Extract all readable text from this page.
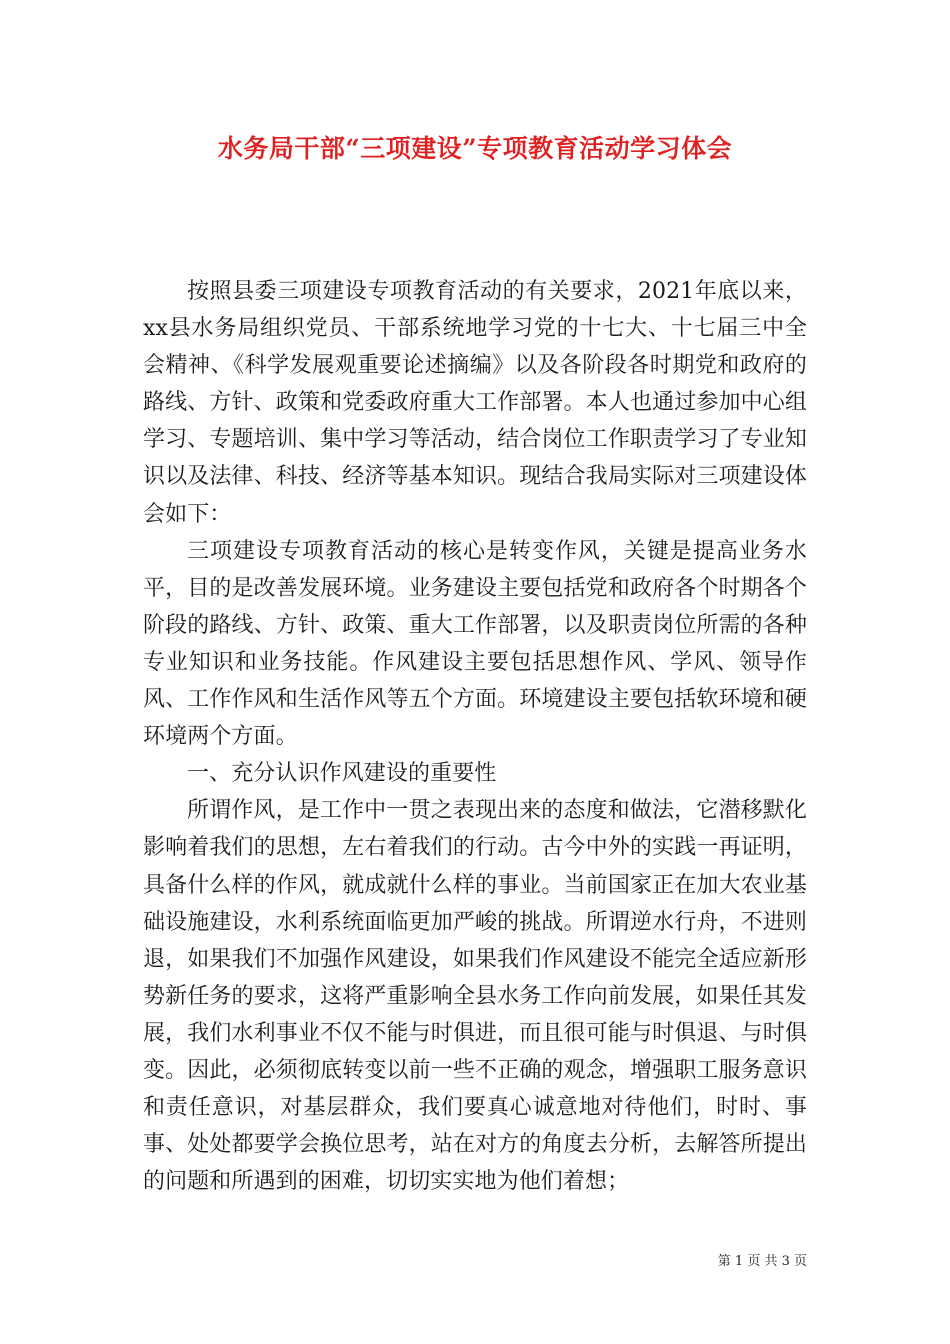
水务局干部“三项建设”专项教育活动学习体会

按照县委三项建设专项教育活动的有关要求，2021年底以来，xx县水务局组织党员、干部系统地学习党的十七大、十七届三中全会精神、《科学发展观重要论述摘编》以及各阶段各时期党和政府的路线、方针、政策和党委政府重大工作部署。本人也通过参加中心组学习、专题培训、集中学习等活动，结合岗位工作职责学习了专业知识以及法律、科技、经济等基本知识。现结合我局实际对三项建设体会如下：

三项建设专项教育活动的核心是转变作风，关键是提高业务水平，目的是改善发展环境。业务建设主要包括党和政府各个时期各个阶段的路线、方针、政策、重大工作部署，以及职责岗位所需的各种专业知识和业务技能。作风建设主要包括思想作风、学风、领导作风、工作作风和生活作风等五个方面。环境建设主要包括软环境和硬环境两个方面。

一、充分认识作风建设的重要性

所谓作风，是工作中一贯之表现出来的态度和做法，它潜移默化影响着我们的思想，左右着我们的行动。古今中外的实践一再证明，具备什么样的作风，就成就什么样的事业。当前国家正在加大农业基础设施建设，水利系统面临更加严峻的挑战。所谓逆水行舟，不进则退，如果我们不加强作风建设，如果我们作风建设不能完全适应新形势新任务的要求，这将严重影响全县水务工作向前发展，如果任其发展，我们水利事业不仅不能与时俱进，而且很可能与时俱退、与时俱变。因此，必须彻底转变以前一些不正确的观念，增强职工服务意识和责任意识，对基层群众，我们要真心诚意地对待他们，时时、事事、处处都要学会换位思考，站在对方的角度去分析，去解答所提出的问题和所遇到的困难，切切实实地为他们着想；

第 1 页 共 3 页
